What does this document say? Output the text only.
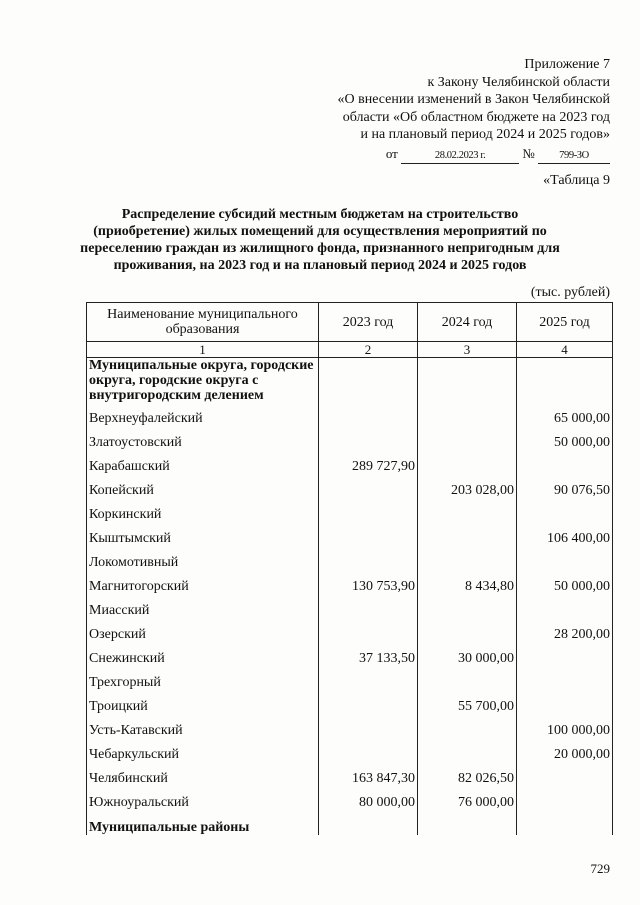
Приложение 7
к Закону Челябинской области
«О внесении изменений в Закон Челябинской
области «Об областном бюджете на 2023 год
и на плановый период 2024 и 2025 годов»
от	28.02.2023 г.	№ 799-ЗО
«Таблица 9
Распределение субсидий местным бюджетам на строительство (приобретение) жилых помещений для осуществления мероприятий по переселению граждан из жилищного фонда, признанного непригодным для проживания, на 2023 год и на плановый период 2024 и 2025 годов
(тыс. рублей)
Наименование муниципального образования	2023 год	2024 год	2025 год
1	2	3	4
Муниципальные округа, городские округа, городские округа с внутригородским делением			
Верхнеуфалейский			65 000,00
Златоустовский			50 000,00
Карабашский	289 727,90		
Копейский		203 028,00	90 076,50
Коркинский			
Кыштымский			106 400,00
Локомотивный			
Магнитогорский	130 753,90	8 434,80	50 000,00
Миасский			
Озерский			28 200,00
Снежинский	37 133,50	30 000,00	
Трехгорный			
Троицкий		55 700,00	
Усть-Катавский			100 000,00
Чебаркульский			20 000,00
Челябинский	163 847,30	82 026,50	
Южноуральский	80 000,00	76 000,00	
Муниципальные районы			
729
